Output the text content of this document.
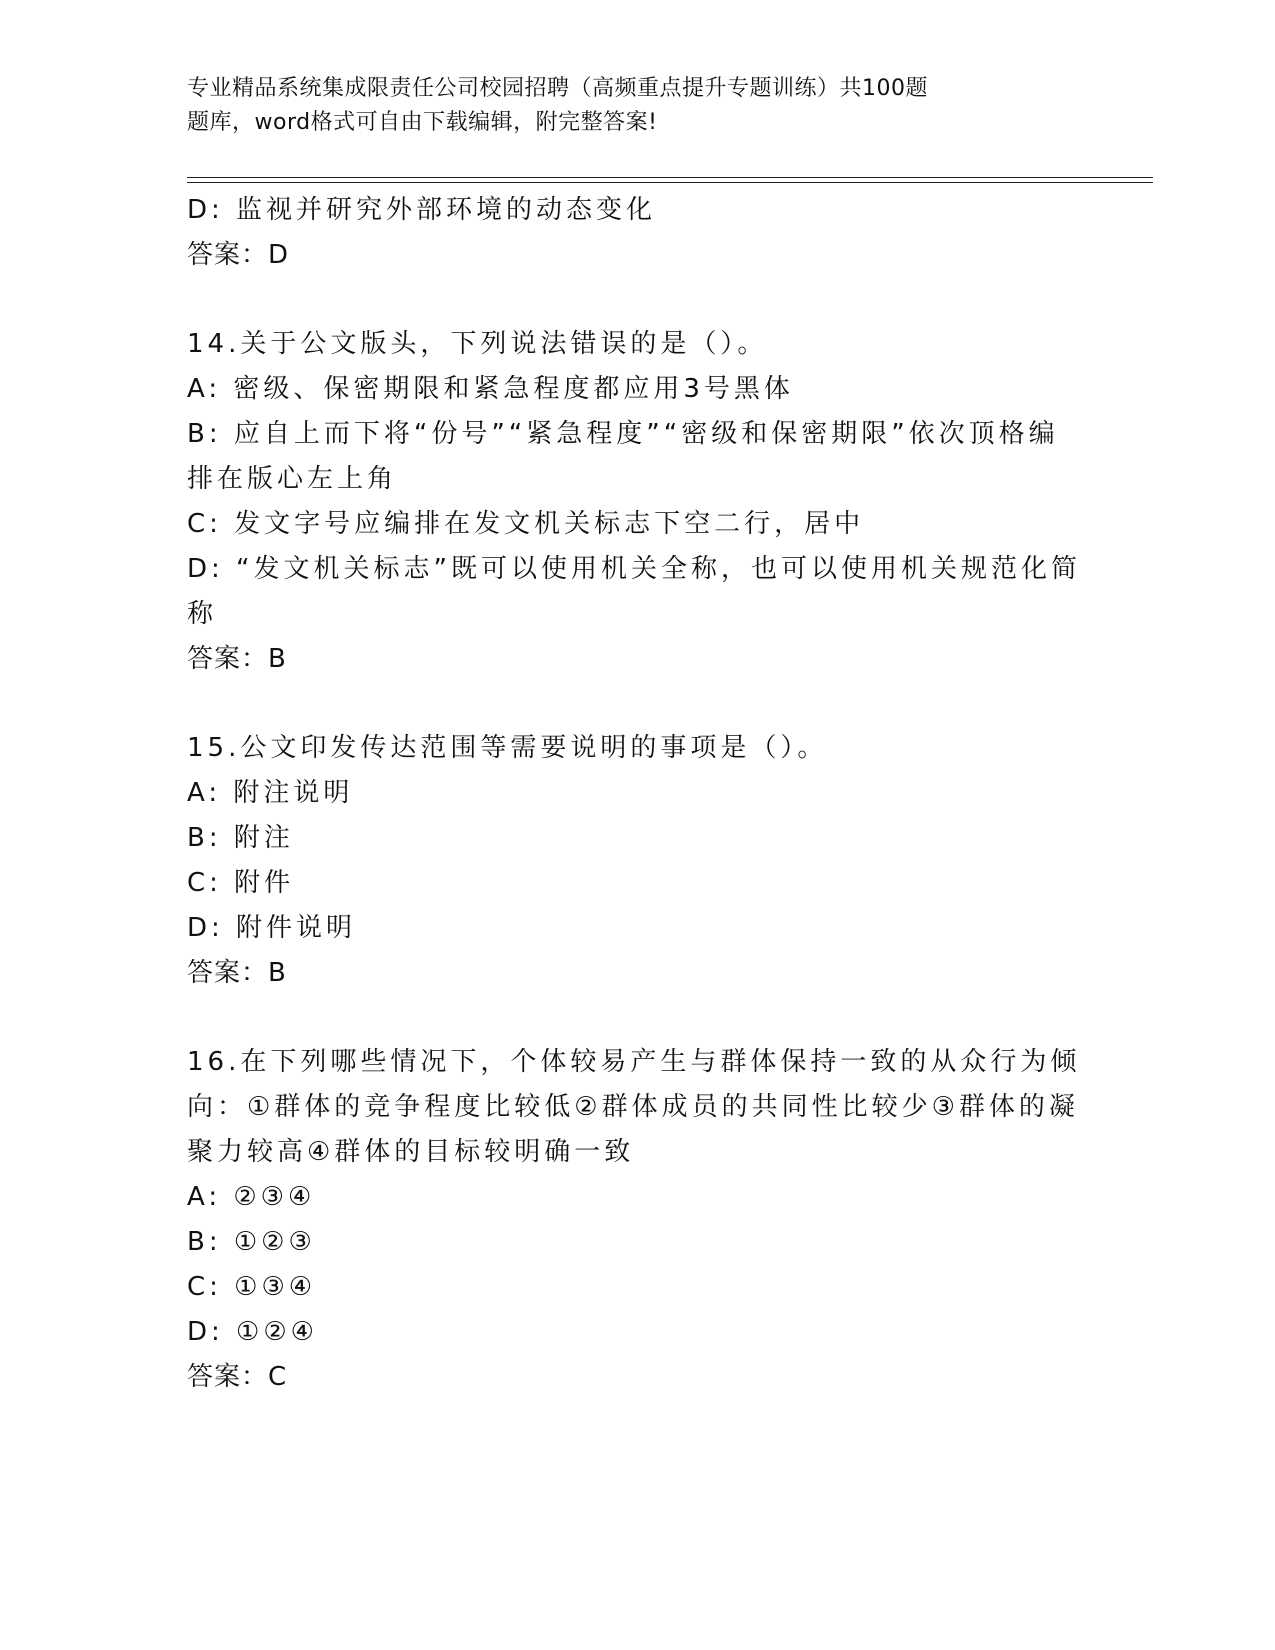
专业精品系统集成限责任公司校园招聘（高频重点提升专题训练）共100题
题库，word格式可自由下载编辑，附完整答案!

D: 监视并研究外部环境的动态变化

答案：D

14.关于公文版头，下列说法错误的是（）。

A: 密级、保密期限和紧急程度都应用3号黑体

B: 应自上而下将“份号”“紧急程度”“密级和保密期限”依次顶格编排在版心左上角

C: 发文字号应编排在发文机关标志下空二行，居中

D: “发文机关标志”既可以使用机关全称，也可以使用机关规范化简称

答案：B

15.公文印发传达范围等需要说明的事项是（）。

A: 附注说明

B: 附注

C: 附件

D: 附件说明

答案：B

16.在下列哪些情况下，个体较易产生与群体保持一致的从众行为倾向：①群体的竞争程度比较低②群体成员的共同性比较少③群体的凝聚力较高④群体的目标较明确一致

A: ②③④

B: ①②③

C: ①③④

D: ①②④

答案：C
